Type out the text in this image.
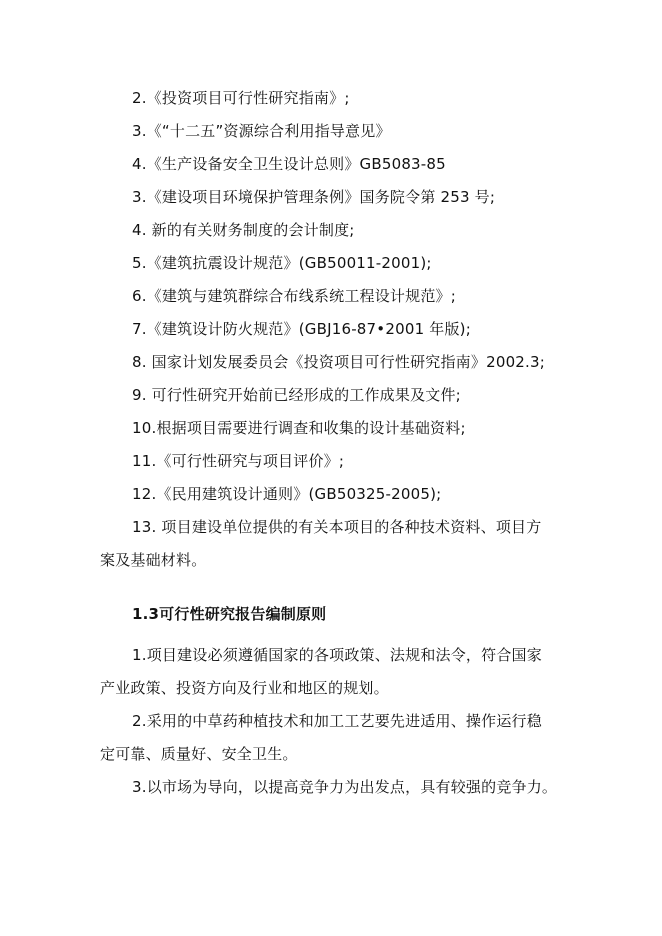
2.《投资项目可行性研究指南》;
3.《“十二五”资源综合利用指导意见》
4.《生产设备安全卫生设计总则》GB5083-85
3.《建设项目环境保护管理条例》国务院令第 253 号;
4. 新的有关财务制度的会计制度;
5.《建筑抗震设计规范》(GB50011-2001);
6.《建筑与建筑群综合布线系统工程设计规范》;
7.《建筑设计防火规范》(GBJ16-87•2001 年版);
8. 国家计划发展委员会《投资项目可行性研究指南》2002.3;
9. 可行性研究开始前已经形成的工作成果及文件;
10.根据项目需要进行调查和收集的设计基础资料;
11.《可行性研究与项目评价》;
12.《民用建筑设计通则》(GB50325-2005);
13. 项目建设单位提供的有关本项目的各种技术资料、项目方
案及基础材料。
1.3可行性研究报告编制原则
1.项目建设必须遵循国家的各项政策、法规和法令，符合国家
产业政策、投资方向及行业和地区的规划。
2.采用的中草药种植技术和加工工艺要先进适用、操作运行稳
定可靠、质量好、安全卫生。
3.以市场为导向，以提高竞争力为出发点，具有较强的竞争力。
